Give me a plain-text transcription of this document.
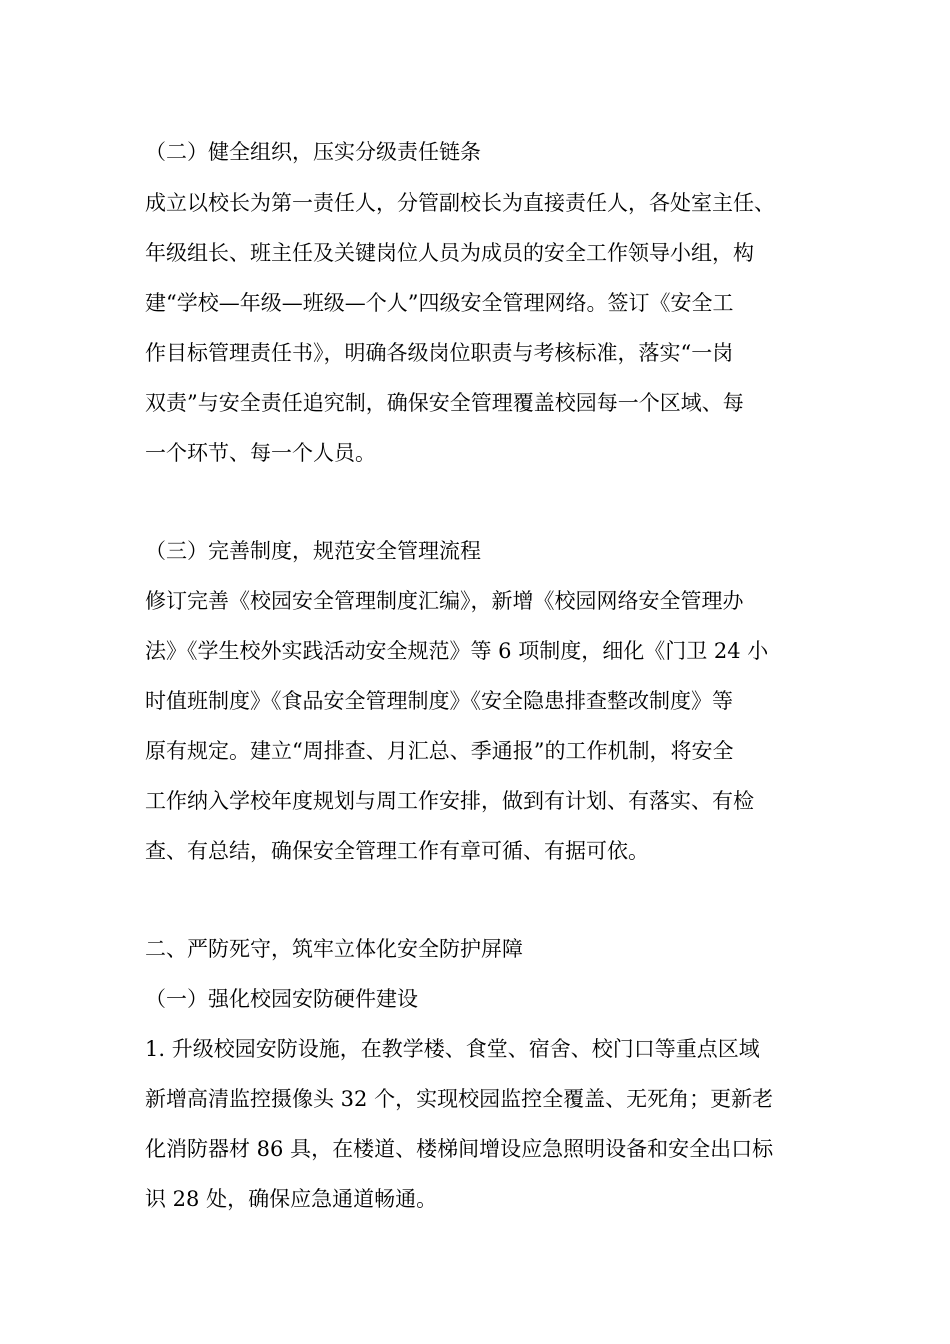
（二）健全组织，压实分级责任链条
成立以校长为第一责任人，分管副校长为直接责任人，各处室主任、
年级组长、班主任及关键岗位人员为成员的安全工作领导小组，构
建“学校—年级—班级—个人”四级安全管理网络。签订《安全工
作目标管理责任书》，明确各级岗位职责与考核标准，落实“一岗
双责”与安全责任追究制，确保安全管理覆盖校园每一个区域、每
一个环节、每一个人员。
（三）完善制度，规范安全管理流程
修订完善《校园安全管理制度汇编》，新增《校园网络安全管理办
法》《学生校外实践活动安全规范》等 6 项制度，细化《门卫 24 小
时值班制度》《食品安全管理制度》《安全隐患排查整改制度》等
原有规定。建立“周排查、月汇总、季通报”的工作机制，将安全
工作纳入学校年度规划与周工作安排，做到有计划、有落实、有检
查、有总结，确保安全管理工作有章可循、有据可依。
二、严防死守，筑牢立体化安全防护屏障
（一）强化校园安防硬件建设
1. 升级校园安防设施，在教学楼、食堂、宿舍、校门口等重点区域
新增高清监控摄像头 32 个，实现校园监控全覆盖、无死角；更新老
化消防器材 86 具，在楼道、楼梯间增设应急照明设备和安全出口标
识 28 处，确保应急通道畅通。
